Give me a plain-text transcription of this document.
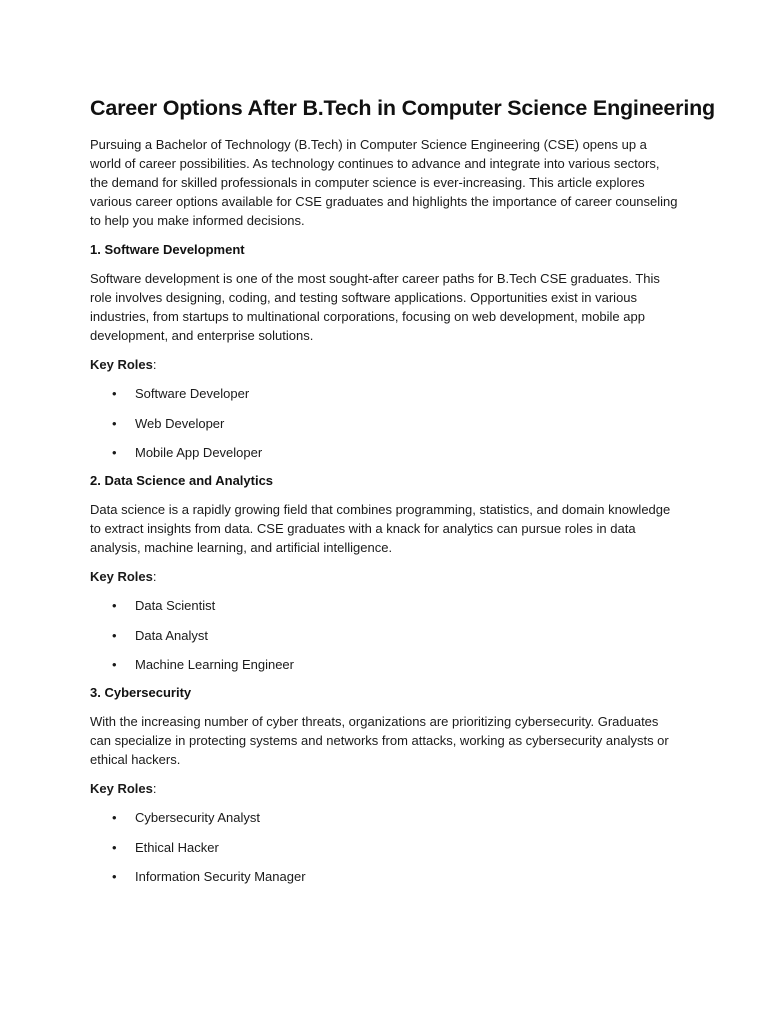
Career Options After B.Tech in Computer Science Engineering

Pursuing a Bachelor of Technology (B.Tech) in Computer Science Engineering (CSE) opens up a world of career possibilities. As technology continues to advance and integrate into various sectors, the demand for skilled professionals in computer science is ever-increasing. This article explores various career options available for CSE graduates and highlights the importance of career counseling to help you make informed decisions.

1. Software Development

Software development is one of the most sought-after career paths for B.Tech CSE graduates. This role involves designing, coding, and testing software applications. Opportunities exist in various industries, from startups to multinational corporations, focusing on web development, mobile app development, and enterprise solutions.

Key Roles:

• Software Developer
• Web Developer
• Mobile App Developer

2. Data Science and Analytics

Data science is a rapidly growing field that combines programming, statistics, and domain knowledge to extract insights from data. CSE graduates with a knack for analytics can pursue roles in data analysis, machine learning, and artificial intelligence.

Key Roles:

• Data Scientist
• Data Analyst
• Machine Learning Engineer

3. Cybersecurity

With the increasing number of cyber threats, organizations are prioritizing cybersecurity. Graduates can specialize in protecting systems and networks from attacks, working as cybersecurity analysts or ethical hackers.

Key Roles:

• Cybersecurity Analyst
• Ethical Hacker
• Information Security Manager
